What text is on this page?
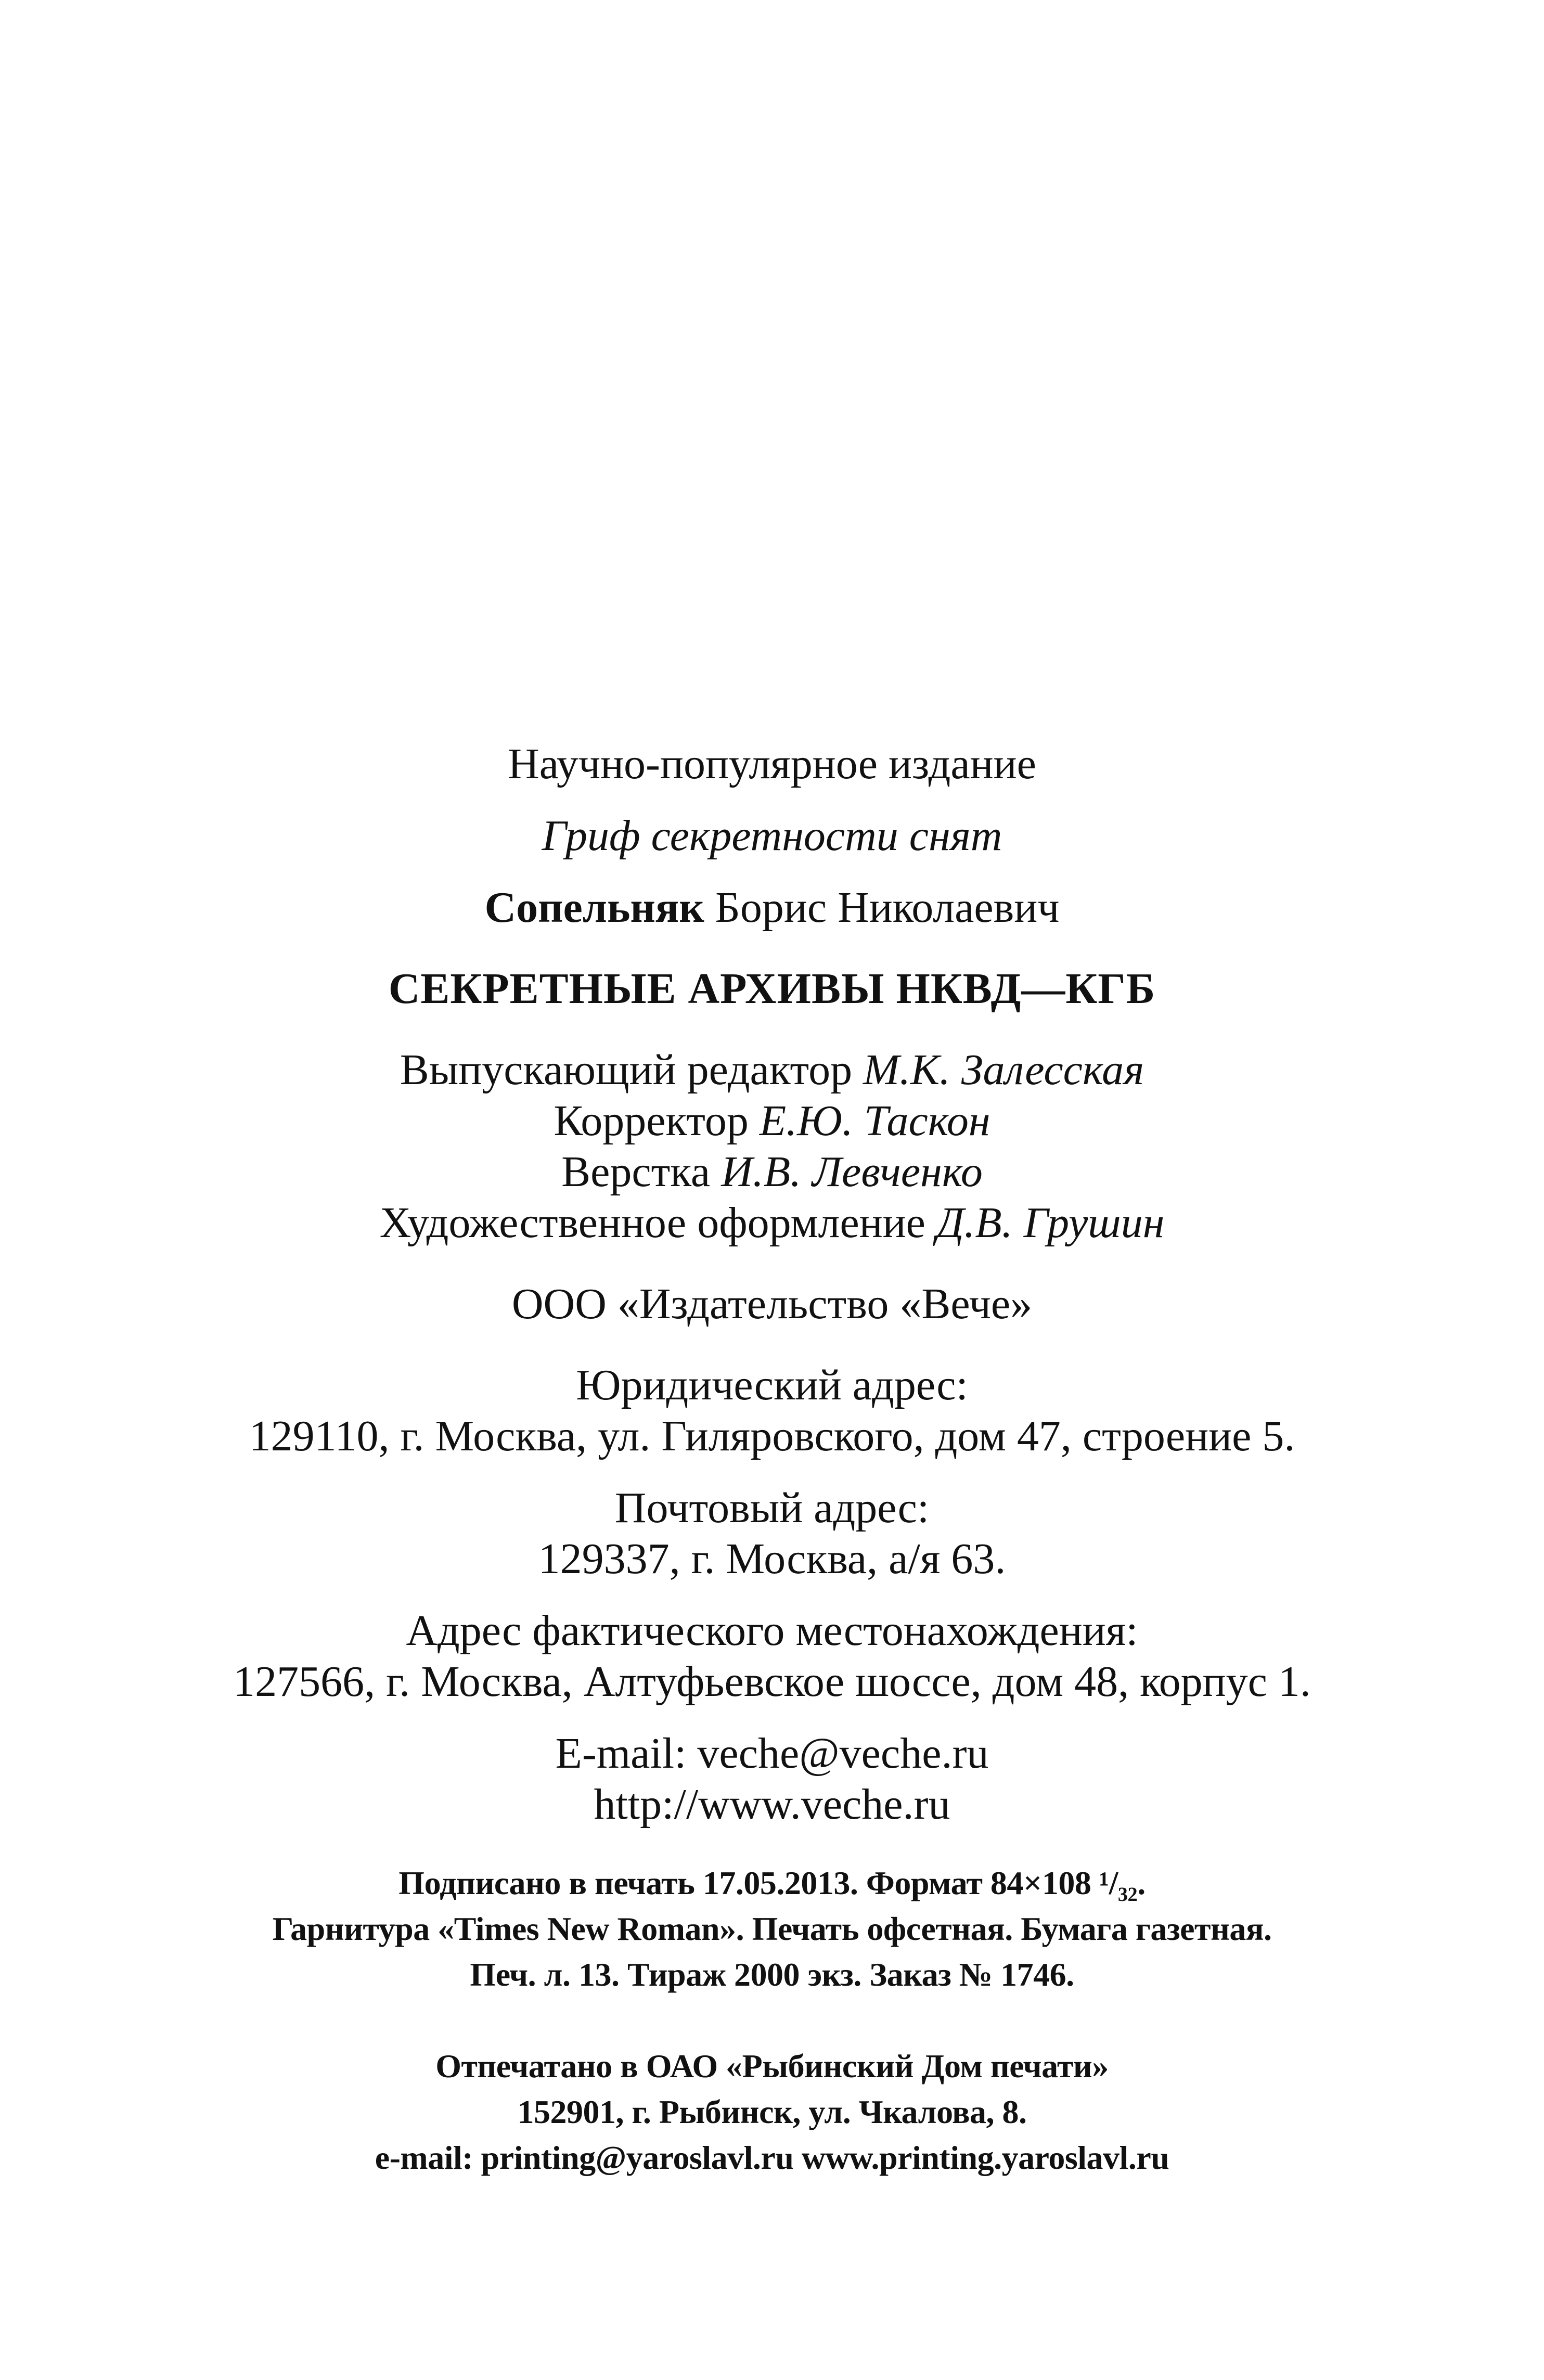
Научно-популярное издание
Гриф секретности снят
Сопельняк Борис Николаевич
СЕКРЕТНЫЕ АРХИВЫ НКВД—КГБ
Выпускающий редактор М.К. Залесская
Корректор Е.Ю. Таскон
Верстка И.В. Левченко
Художественное оформление Д.В. Грушин
ООО «Издательство «Вече»
Юридический адрес:
129110, г. Москва, ул. Гиляровского, дом 47, строение 5.
Почтовый адрес:
129337, г. Москва, а/я 63.
Адрес фактического местонахождения:
127566, г. Москва, Алтуфьевское шоссе, дом 48, корпус 1.
E-mail: veche@veche.ru
http://www.veche.ru
Подписано в печать 17.05.2013. Формат 84×108 ¹/₃₂.
Гарнитура «Times New Roman». Печать офсетная. Бумага газетная.
Печ. л. 13. Тираж 2000 экз. Заказ № 1746.
Отпечатано в ОАО «Рыбинский Дом печати»
152901, г. Рыбинск, ул. Чкалова, 8.
e-mail: printing@yaroslavl.ru www.printing.yaroslavl.ru
